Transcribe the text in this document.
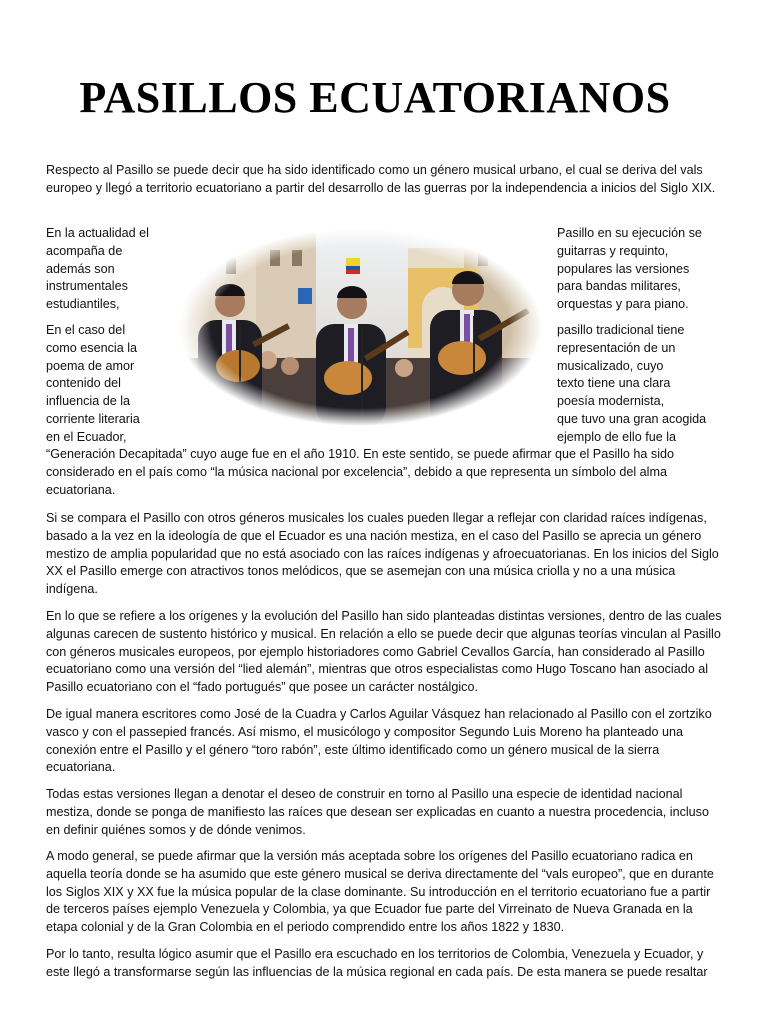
PASILLOS ECUATORIANOS

Respecto al Pasillo se puede decir que ha sido identificado como un género musical urbano, el cual se deriva del vals europeo y llegó a territorio ecuatoriano a partir del desarrollo de las guerras por la independencia a inicios del Siglo XIX.

En la actualidad el
acompaña de
además son
instrumentales
estudiantiles,
Pasillo en su ejecución se
guitarras y requinto,
populares las versiones
para bandas militares,
orquestas y para piano.
En el caso del
como esencia la
poema de amor
contenido del
influencia de la
corriente literaria
en el Ecuador,
pasillo tradicional tiene
representación de un
musicalizado, cuyo
texto tiene una clara
poesía modernista,
que tuvo una gran acogida
ejemplo de ello fue la

“Generación Decapitada” cuyo auge fue en el año 1910. En este sentido, se puede afirmar que el Pasillo ha sido considerado en el país como “la música nacional por excelencia”, debido a que representa un símbolo del alma ecuatoriana.

Si se compara el Pasillo con otros géneros musicales los cuales pueden llegar a reflejar con claridad raíces indígenas, basado a la vez en la ideología de que el Ecuador es una nación mestiza, en el caso del Pasillo se aprecia un género mestizo de amplia popularidad que no está asociado con las raíces indígenas y afroecuatorianas. En los inicios del Siglo XX el Pasillo emerge con atractivos tonos melódicos, que se asemejan con una música criolla y no a una música indígena.

En lo que se refiere a los orígenes y la evolución del Pasillo han sido planteadas distintas versiones, dentro de las cuales algunas carecen de sustento histórico y musical. En relación a ello se puede decir que algunas teorías vinculan al Pasillo con géneros musicales europeos, por ejemplo historiadores como Gabriel Cevallos García, han considerado al Pasillo ecuatoriano como una versión del “lied alemán”, mientras que otros especialistas como Hugo Toscano han asociado al Pasillo ecuatoriano con el “fado portugués” que posee un carácter nostálgico.

De igual manera escritores como José de la Cuadra y Carlos Aguilar Vásquez han relacionado al Pasillo con el zortziko vasco y con el passepied francés. Así mismo, el musicólogo y compositor Segundo Luis Moreno ha planteado una conexión entre el Pasillo y el género “toro rabón”, este último identificado como un género musical de la sierra ecuatoriana.

Todas estas versiones llegan a denotar el deseo de construir en torno al Pasillo una especie de identidad nacional mestiza, donde se ponga de manifiesto las raíces que desean ser explicadas en cuanto a nuestra procedencia, incluso en definir quiénes somos y de dónde venimos.

A modo general, se puede afirmar que la versión más aceptada sobre los orígenes del Pasillo ecuatoriano radica en aquella teoría donde se ha asumido que este género musical se deriva directamente del “vals europeo”, que en durante los Siglos XIX y XX fue la música popular de la clase dominante. Su introducción en el territorio ecuatoriano fue a partir de terceros países ejemplo Venezuela y Colombia, ya que Ecuador fue parte del Virreinato de Nueva Granada en la etapa colonial y de la Gran Colombia en el periodo comprendido entre los años 1822 y 1830.

Por lo tanto, resulta lógico asumir que el Pasillo era escuchado en los territorios de Colombia, Venezuela y Ecuador, y este llegó a transformarse según las influencias de la música regional en cada país. De esta manera se puede resaltar
